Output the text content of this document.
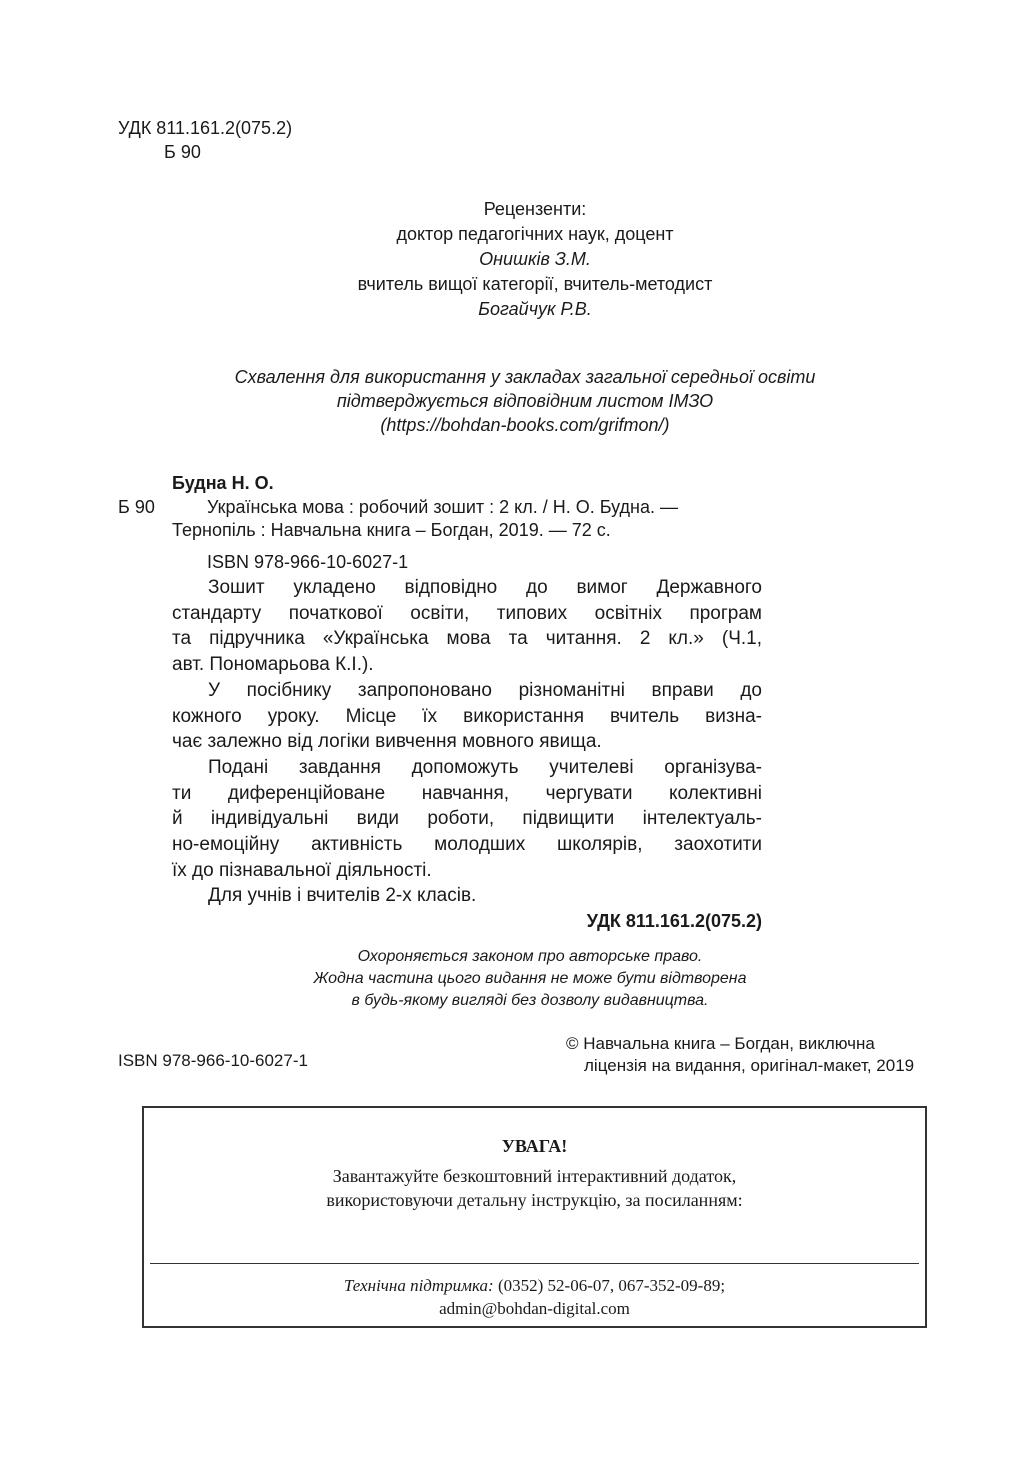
УДК 811.161.2(075.2)
Б 90
Рецензенти:
доктор педагогічних наук, доцент
Онишків З.М.
вчитель вищої категорії, вчитель-методист
Богайчук Р.В.
Схвалення для використання у закладах загальної середньої освіти
підтверджується відповідним листом ІМЗО
(https://bohdan-books.com/grifmon/)
Будна Н. О.
Б 90	Українська мова : робочий зошит : 2 кл. / Н. О. Будна. —
Тернопіль : Навчальна книга – Богдан, 2019. — 72 с.
ISBN 978-966-10-6027-1

Зошит укладено відповідно до вимог Державного
стандарту початкової освіти, типових освітніх програм
та підручника «Українська мова та читання. 2 кл.» (Ч.1,
авт. Пономарьова К.І.).

У посібнику запропоновано різноманітні вправи до
кожного уроку. Місце їх використання вчитель визна-
чає залежно від логіки вивчення мовного явища.

Подані завдання допоможуть учителеві організува-
ти диференційоване навчання, чергувати колективні
й індивідуальні види роботи, підвищити інтелектуаль-
но-емоційну активність молодших школярів, заохотити
їх до пізнавальної діяльності.

Для учнів і вчителів 2-х класів.

УДК 811.161.2(075.2)
Охороняється законом про авторське право.
Жодна частина цього видання не може бути відтворена
в будь-якому вигляді без дозволу видавництва.
ISBN 978-966-10-6027-1
© Навчальна книга – Богдан, виключна
ліцензія на видання, оригінал-макет, 2019
УВАГА!
Завантажуйте безкоштовний інтерактивний додаток,
використовуючи детальну інструкцію, за посиланням:
Технічна підтримка: (0352) 52-06-07, 067-352-09-89;
admin@bohdan-digital.com
